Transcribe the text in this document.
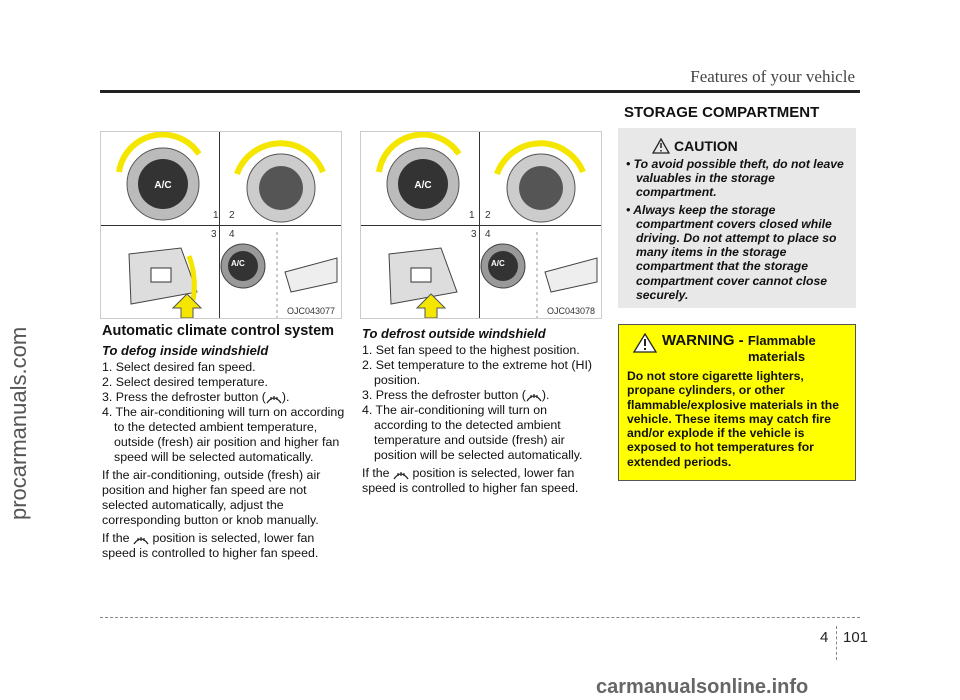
Features of your vehicle
procarmanuals.com
A/C
1 2
3 4
A/C
OJC043077
A/C
1 2
3 4
A/C
OJC043078
Automatic climate control system
To defog inside windshield
1. Select desired fan speed.
2. Select desired temperature.
3. Press the defroster button ( ).
4. The air-conditioning will turn on according to the detected ambient temperature, outside (fresh) air position and higher fan speed will be selected automatically.
If the air-conditioning, outside (fresh) air position and higher fan speed are not selected automatically, adjust the corresponding button or knob manually.
If the position is selected, lower fan speed is controlled to higher fan speed.
To defrost outside windshield
1. Set fan speed to the highest position.
2. Set temperature to the extreme hot (HI) position.
3. Press the defroster button ( ).
4. The air-conditioning will turn on according to the detected ambient temperature and outside (fresh) air position will be selected automatically.
If the position is selected, lower fan speed is controlled to higher fan speed.
STORAGE COMPARTMENT
CAUTION
• To avoid possible theft, do not leave valuables in the storage compartment.
• Always keep the storage compartment covers closed while driving. Do not attempt to place so many items in the storage compartment that the storage compartment cover cannot close securely.
WARNING - Flammable
materials
Do not store cigarette lighters, propane cylinders, or other flammable/explosive materials in the vehicle. These items may catch fire and/or explode if the vehicle is exposed to hot temperatures for extended periods.
4 101
carmanualsonline.info
